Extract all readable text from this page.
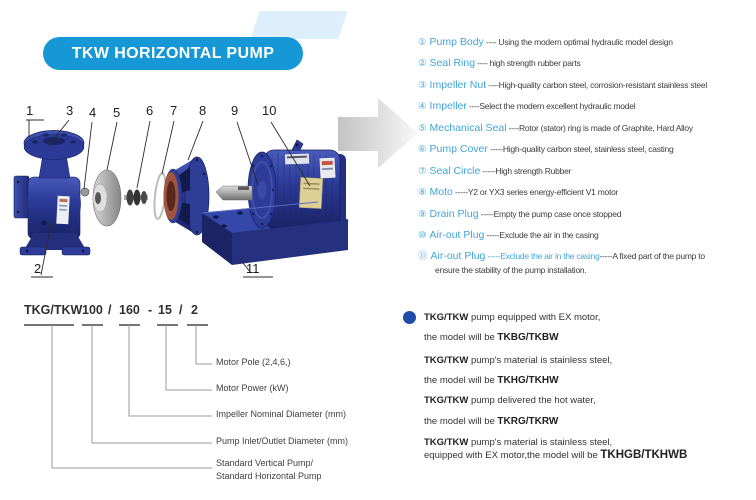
TKW HORIZONTAL PUMP
1
2
3 4 5 6 7 8 9 10
11
① Pump Body ---- Using the modern optimal hydraulic model design
② Seal Ring ---- high strength rubber parts
③ Impeller Nut ----High-quality carbon steel, corrosion-resistant stainless steel
④ Impeller ----Select the modern excellent hydraulic model
⑤ Mechanical Seal ----Rotor (stator) ring is made of Graphite, Hard Alloy
⑥ Pump Cover -----High-quality carbon steel, stainless steel, casting
⑦ Seal Circle -----High strength Rubber
⑧ Moto -----Y2 or YX3 series energy-efficient V1 motor
⑨ Drain Plug -----Empty the pump case once stopped
⑩ Air-out Plug -----Exclude the air in the casing
⑪ Air-out Plug -----Exclude the air in the casing-----A fixed part of the pump to
ensure the stability of the pump installation.
TKG/TKW 100 / 160 - 15 / 2
Motor Pole (2,4,6,)
Motor Power (kW)
Impeller Nominal Diameter (mm)
Pump Inlet/Outlet Diameter (mm)
Standard Vertical Pump/
Standard Horizontal Pump
TKG/TKW pump equipped with EX motor,
the model will be TKBG/TKBW
TKG/TKW pump's material is stainless steel,
the model will be TKHG/TKHW
TKG/TKW pump delivered the hot water,
the model will be TKRG/TKRW
TKG/TKW pump's material is stainless steel,
equipped with EX motor,the model will be TKHGB/TKHWB
